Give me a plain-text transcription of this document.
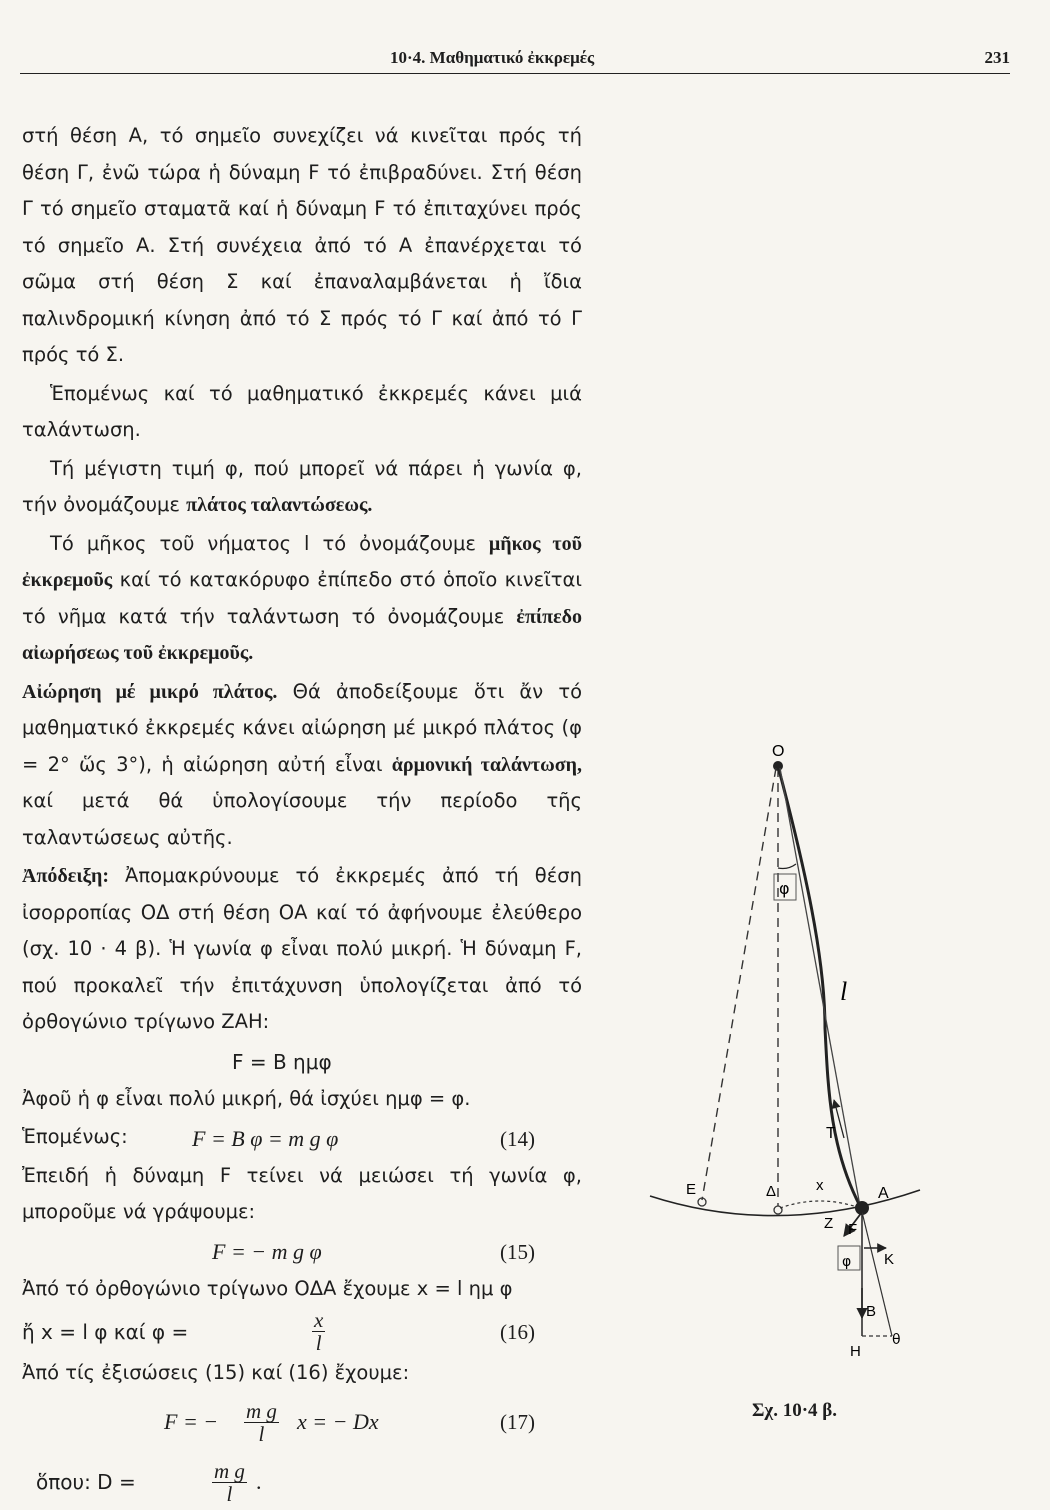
10·4. Μαθηματικό ἐκκρεμές	231

στή θέση Α, τό σημεῖο συνεχίζει νά κινεῖται πρός τή θέση Γ, ἐνῶ τώρα ἡ δύναμη F τό ἐπιβραδύνει. Στή θέση Γ τό σημεῖο σταματᾶ καί ἡ δύναμη F τό ἐπιταχύνει πρός τό σημεῖο Α. Στή συνέχεια ἀπό τό Α ἐπανέρχεται τό σῶμα στή θέση Σ καί ἐπαναλαμβάνεται ἡ ἴδια παλινδρομική κίνηση ἀπό τό Σ πρός τό Γ καί ἀπό τό Γ πρός τό Σ.

Ἑπομένως καί τό μαθηματικό ἐκκρεμές κάνει μιά ταλάντωση.

Τή μέγιστη τιμή φ, πού μπορεῖ νά πάρει ἡ γωνία φ, τήν ὀνομάζουμε πλάτος ταλαντώσεως.

Τό μῆκος τοῦ νήματος l τό ὀνομάζουμε μῆκος τοῦ ἐκκρεμοῦς καί τό κατακόρυφο ἐπίπεδο στό ὁποῖο κινεῖται τό νῆμα κατά τήν ταλάντωση τό ὀνομάζουμε ἐπίπεδο αἰωρήσεως τοῦ ἐκκρεμοῦς.

Αἰώρηση μέ μικρό πλάτος. Θά ἀποδείξουμε ὅτι ἄν τό μαθηματικό ἐκκρεμές κάνει αἰώρηση μέ μικρό πλάτος (φ = 2° ὥς 3°), ἡ αἰώρηση αὐτή εἶναι ἁρμονική ταλάντωση, καί μετά θά ὑπολογίσουμε τήν περίοδο τῆς ταλαντώσεως αὐτῆς.

Ἀπόδειξη: Ἀπομακρύνουμε τό ἐκκρεμές ἀπό τή θέση ἰσορροπίας ΟΔ στή θέση ΟΑ καί τό ἀφήνουμε ἐλεύθερο (σχ. 10 · 4 β). Ἡ γωνία φ εἶναι πολύ μικρή. Ἡ δύναμη F, πού προκαλεῖ τήν ἐπιτάχυνση ὑπολογίζεται ἀπό τό ὀρθογώνιο τρίγωνο ΖΑΗ:

F = B ημφ

Ἀφοῦ ἡ φ εἶναι πολύ μικρή, θά ἰσχύει ημφ = φ.

Ἑπομένως:	F = B φ = m g φ	(14)

Ἐπειδή ἡ δύναμη F τείνει νά μειώσει τή γωνία φ, μποροῦμε νά γράψουμε:

F = − m g φ	(15)

Ἀπό τό ὀρθογώνιο τρίγωνο ΟΔΑ ἔχουμε x = l ημ φ

ἤ x = l φ καί φ =	$\frac{x}{l}$	(16)

Ἀπό τίς ἐξισώσεις (15) καί (16) ἔχουμε:

F = − $\frac{\text{m g}}{l}$ x = − Dx	(17)
ὅπου: D =	$\frac{\text{m g}}{l}$ .
O
φ
l
T
E	Δ	x	A
Z F
K
φ
B
H
θ
Σχ. 10·4 β.
